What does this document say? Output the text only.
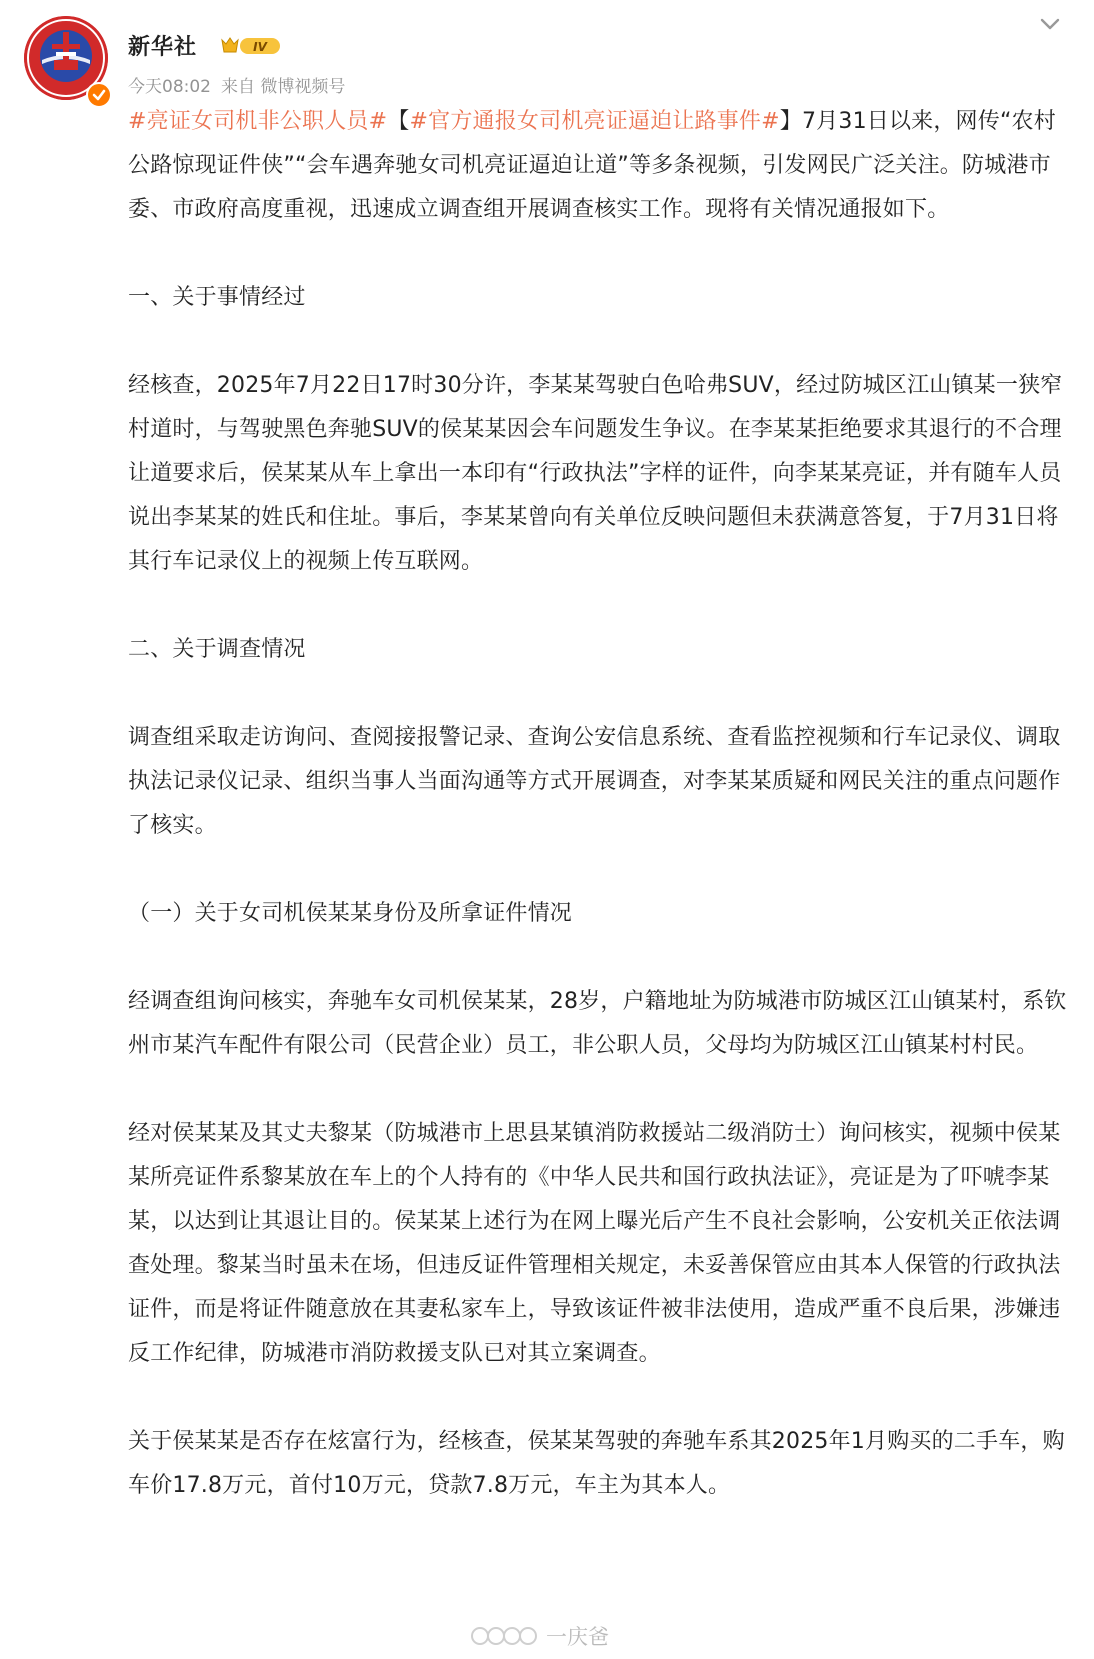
新华社	IV
今天08:02 来自 微博视频号

#亮证女司机非公职人员#【#官方通报女司机亮证逼迫让路事件#】7月31日以来，网传“农村公路惊现证件侠”“会车遇奔驰女司机亮证逼迫让道”等多条视频，引发网民广泛关注。防城港市委、市政府高度重视，迅速成立调查组开展调查核实工作。现将有关情况通报如下。

一、关于事情经过

经核查，2025年7月22日17时30分许，李某某驾驶白色哈弗SUV，经过防城区江山镇某一狭窄村道时，与驾驶黑色奔驰SUV的侯某某因会车问题发生争议。在李某某拒绝要求其退行的不合理让道要求后，侯某某从车上拿出一本印有“行政执法”字样的证件，向李某某亮证，并有随车人员说出李某某的姓氏和住址。事后，李某某曾向有关单位反映问题但未获满意答复，于7月31日将其行车记录仪上的视频上传互联网。

二、关于调查情况

调查组采取走访询问、查阅接报警记录、查询公安信息系统、查看监控视频和行车记录仪、调取执法记录仪记录、组织当事人当面沟通等方式开展调查，对李某某质疑和网民关注的重点问题作了核实。

（一）关于女司机侯某某身份及所拿证件情况

经调查组询问核实，奔驰车女司机侯某某，28岁，户籍地址为防城港市防城区江山镇某村，系钦州市某汽车配件有限公司（民营企业）员工，非公职人员，父母均为防城区江山镇某村村民。

经对侯某某及其丈夫黎某（防城港市上思县某镇消防救援站二级消防士）询问核实，视频中侯某某所亮证件系黎某放在车上的个人持有的《中华人民共和国行政执法证》，亮证是为了吓唬李某某，以达到让其退让目的。侯某某上述行为在网上曝光后产生不良社会影响，公安机关正依法调查处理。黎某当时虽未在场，但违反证件管理相关规定，未妥善保管应由其本人保管的行政执法证件，而是将证件随意放在其妻私家车上，导致该证件被非法使用，造成严重不良后果，涉嫌违反工作纪律，防城港市消防救援支队已对其立案调查。

关于侯某某是否存在炫富行为，经核查，侯某某驾驶的奔驰车系其2025年1月购买的二手车，购车价17.8万元，首付10万元，贷款7.8万元，车主为其本人。

一庆爸
